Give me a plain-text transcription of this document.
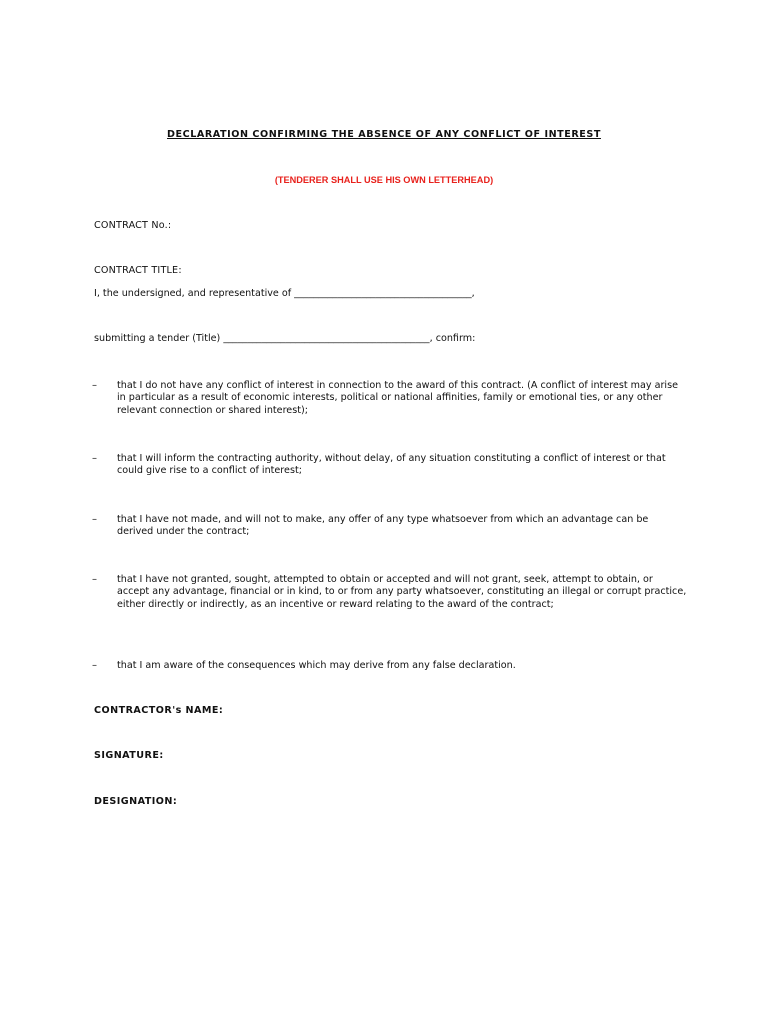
DECLARATION CONFIRMING THE ABSENCE OF ANY CONFLICT OF INTEREST

(TENDERER SHALL USE HIS OWN LETTERHEAD)

CONTRACT No.:

CONTRACT TITLE:

I, the undersigned, and representative of _____________________________________,

submitting a tender (Title) ___________________________________________, confirm:

– that I do not have any conflict of interest in connection to the award of this contract. (A conflict of interest may arise in particular as a result of economic interests, political or national affinities, family or emotional ties, or any other relevant connection or shared interest);

– that I will inform the contracting authority, without delay, of any situation constituting a conflict of interest or that could give rise to a conflict of interest;

– that I have not made, and will not to make, any offer of any type whatsoever from which an advantage can be derived under the contract;

– that I have not granted, sought, attempted to obtain or accepted and will not grant, seek, attempt to obtain, or accept any advantage, financial or in kind, to or from any party whatsoever, constituting an illegal or corrupt practice, either directly or indirectly, as an incentive or reward relating to the award of the contract;

– that I am aware of the consequences which may derive from any false declaration.

CONTRACTOR's NAME:

SIGNATURE:

DESIGNATION:
